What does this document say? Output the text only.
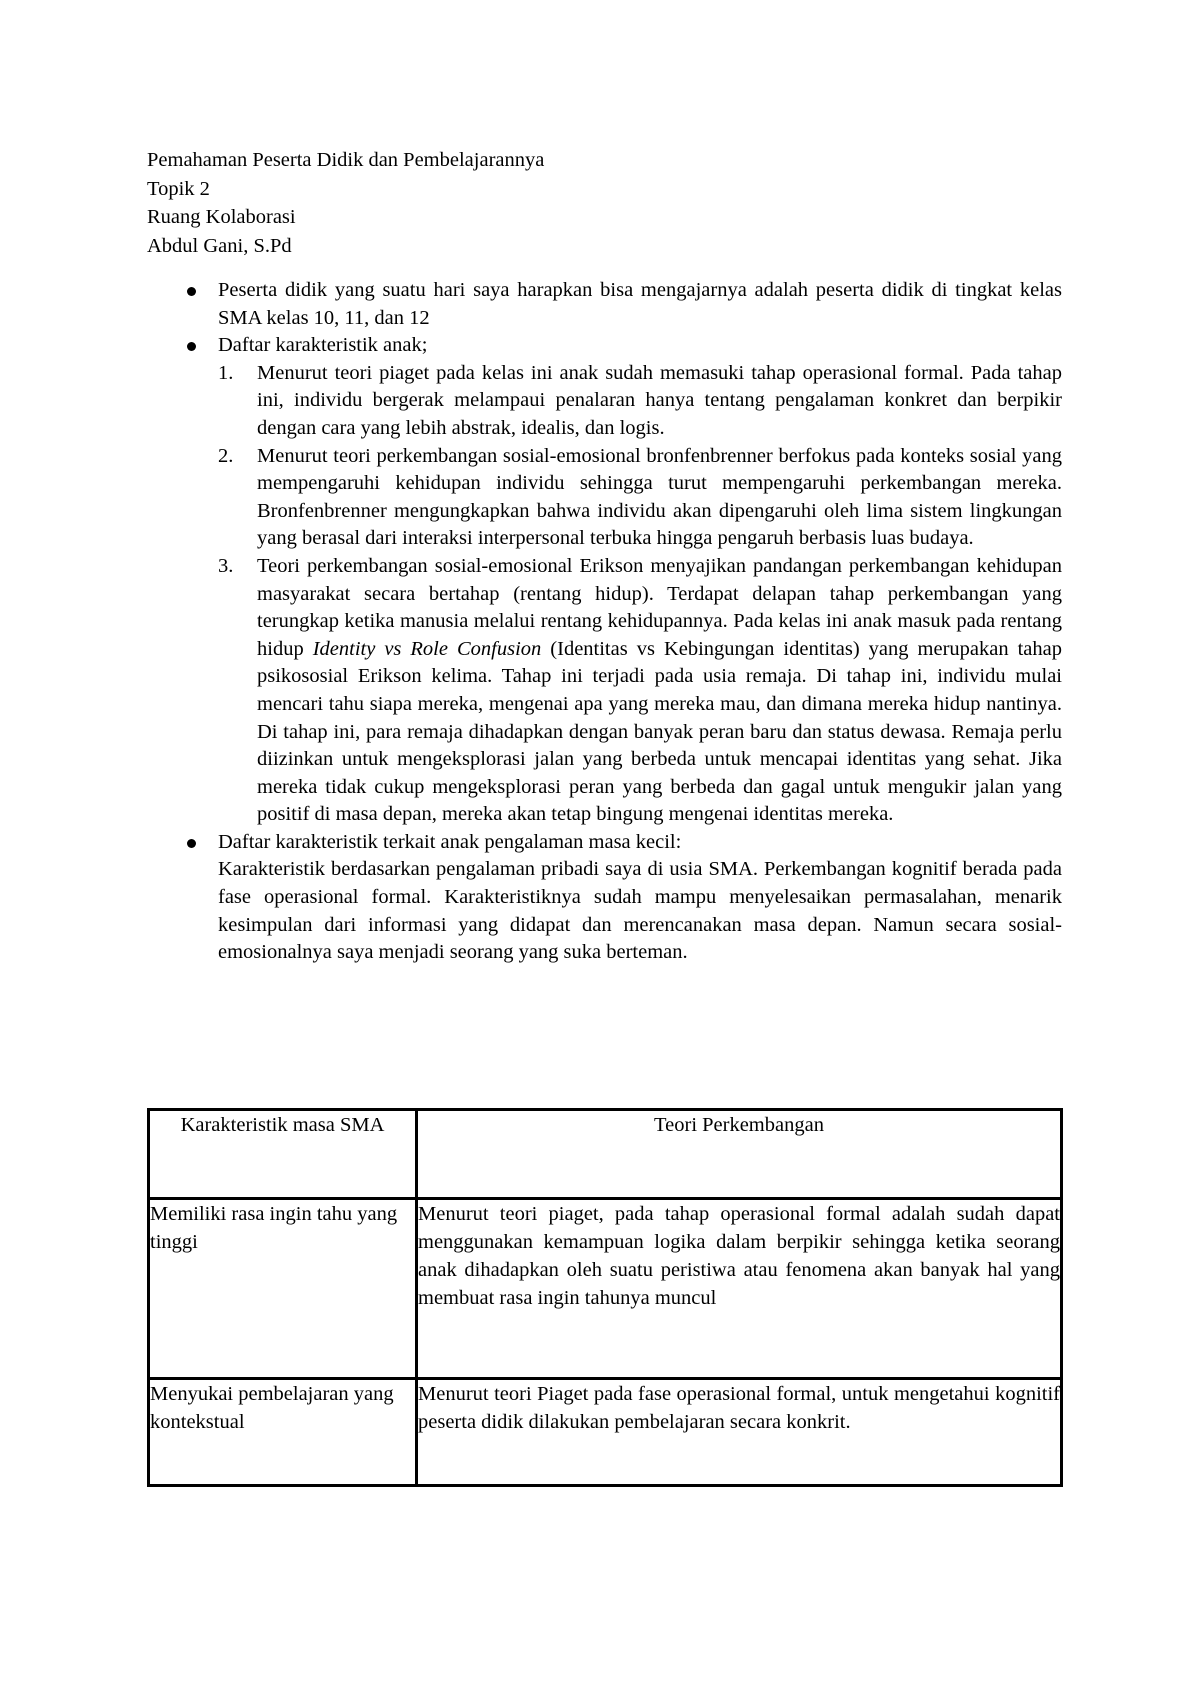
Pemahaman Peserta Didik dan Pembelajarannya
Topik 2
Ruang Kolaborasi
Abdul Gani, S.Pd
Peserta didik yang suatu hari saya harapkan bisa mengajarnya adalah peserta didik di tingkat kelas SMA kelas 10, 11, dan 12
Daftar karakteristik anak;
1. Menurut teori piaget pada kelas ini anak sudah memasuki tahap operasional formal. Pada tahap ini, individu bergerak melampaui penalaran hanya tentang pengalaman konkret dan berpikir dengan cara yang lebih abstrak, idealis, dan logis.
2. Menurut teori perkembangan sosial-emosional bronfenbrenner berfokus pada konteks sosial yang mempengaruhi kehidupan individu sehingga turut mempengaruhi perkembangan mereka. Bronfenbrenner mengungkapkan bahwa individu akan dipengaruhi oleh lima sistem lingkungan yang berasal dari interaksi interpersonal terbuka hingga pengaruh berbasis luas budaya.
3. Teori perkembangan sosial-emosional Erikson menyajikan pandangan perkembangan kehidupan masyarakat secara bertahap (rentang hidup). Terdapat delapan tahap perkembangan yang terungkap ketika manusia melalui rentang kehidupannya. Pada kelas ini anak masuk pada rentang hidup Identity vs Role Confusion (Identitas vs Kebingungan identitas) yang merupakan tahap psikososial Erikson kelima. Tahap ini terjadi pada usia remaja. Di tahap ini, individu mulai mencari tahu siapa mereka, mengenai apa yang mereka mau, dan dimana mereka hidup nantinya. Di tahap ini, para remaja dihadapkan dengan banyak peran baru dan status dewasa. Remaja perlu diizinkan untuk mengeksplorasi jalan yang berbeda untuk mencapai identitas yang sehat. Jika mereka tidak cukup mengeksplorasi peran yang berbeda dan gagal untuk mengukir jalan yang positif di masa depan, mereka akan tetap bingung mengenai identitas mereka.
Daftar karakteristik terkait anak pengalaman masa kecil:
Karakteristik berdasarkan pengalaman pribadi saya di usia SMA. Perkembangan kognitif berada pada fase operasional formal. Karakteristiknya sudah mampu menyelesaikan permasalahan, menarik kesimpulan dari informasi yang didapat dan merencanakan masa depan. Namun secara sosial-emosionalnya saya menjadi seorang yang suka berteman.
Karakteristik masa SMA	Teori Perkembangan
Memiliki rasa ingin tahu yang tinggi	Menurut teori piaget, pada tahap operasional formal adalah sudah dapat menggunakan kemampuan logika dalam berpikir sehingga ketika seorang anak dihadapkan oleh suatu peristiwa atau fenomena akan banyak hal yang membuat rasa ingin tahunya muncul
Menyukai pembelajaran yang kontekstual	Menurut teori Piaget pada fase operasional formal, untuk mengetahui kognitif peserta didik dilakukan pembelajaran secara konkrit.
